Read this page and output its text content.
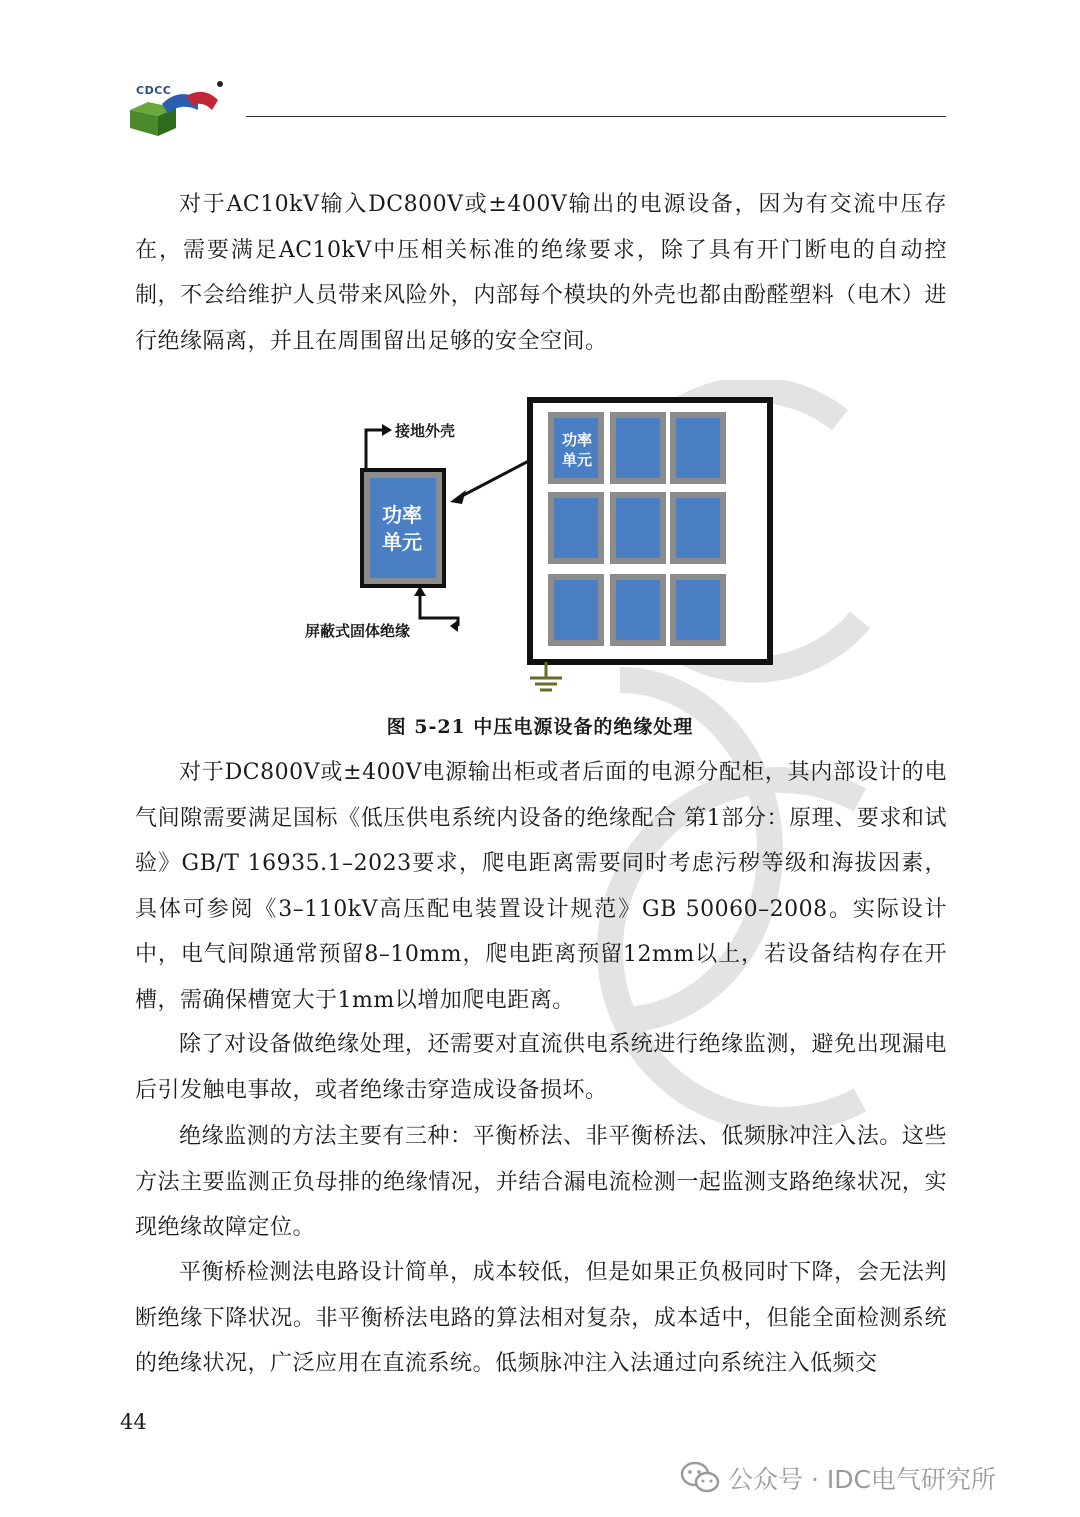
CDCC

对于AC10kV输入DC800V或±400V输出的电源设备，因为有交流中压存在，需要满足AC10kV中压相关标准的绝缘要求，除了具有开门断电的自动控制，不会给维护人员带来风险外，内部每个模块的外壳也都由酚醛塑料（电木）进行绝缘隔离，并且在周围留出足够的安全空间。

接地外壳
屏蔽式固体绝缘
功率
单元
功率
单元
图 5-21 中压电源设备的绝缘处理

对于DC800V或±400V电源输出柜或者后面的电源分配柜，其内部设计的电气间隙需要满足国标《低压供电系统内设备的绝缘配合 第1部分：原理、要求和试验》GB/T 16935.1–2023要求，爬电距离需要同时考虑污秽等级和海拔因素，具体可参阅《3–110kV高压配电装置设计规范》GB 50060–2008。实际设计中，电气间隙通常预留8–10mm，爬电距离预留12mm以上，若设备结构存在开槽，需确保槽宽大于1mm以增加爬电距离。

除了对设备做绝缘处理，还需要对直流供电系统进行绝缘监测，避免出现漏电后引发触电事故，或者绝缘击穿造成设备损坏。

绝缘监测的方法主要有三种：平衡桥法、非平衡桥法、低频脉冲注入法。这些方法主要监测正负母排的绝缘情况，并结合漏电流检测一起监测支路绝缘状况，实现绝缘故障定位。

平衡桥检测法电路设计简单，成本较低，但是如果正负极同时下降，会无法判断绝缘下降状况。非平衡桥法电路的算法相对复杂，成本适中，但能全面检测系统的绝缘状况，广泛应用在直流系统。低频脉冲注入法通过向系统注入低频交

44
公众号 · IDC电气研究所
